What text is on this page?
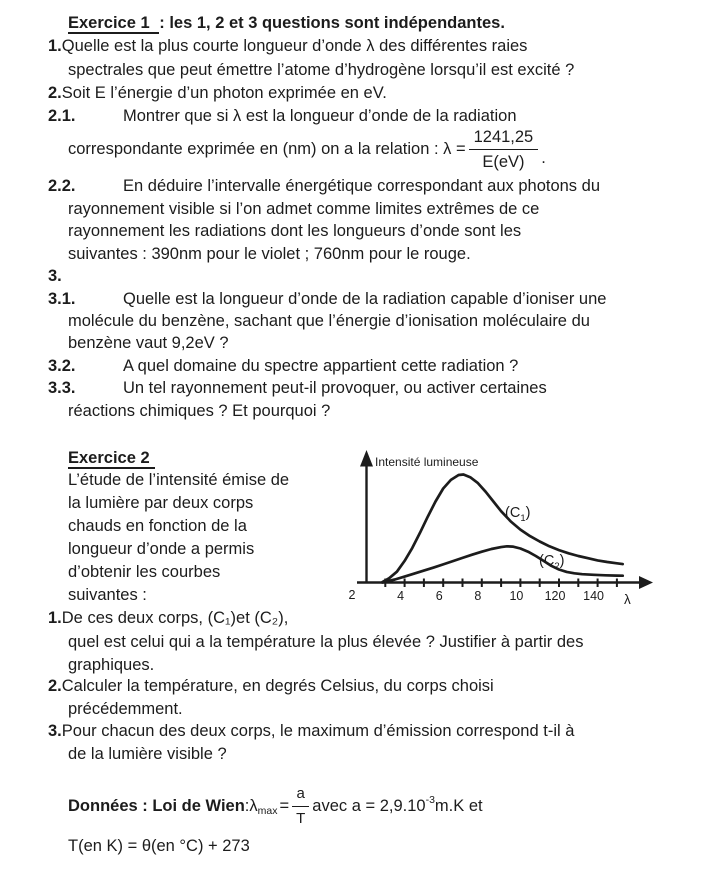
Exercice 1 : les 1, 2 et 3 questions sont indépendantes.
1.Quelle est la plus courte longueur d’onde λ des différentes raies
spectrales que peut émettre l’atome d’hydrogène lorsqu’il est excité ?
2.Soit E l’énergie d’un photon exprimée en eV.
2.1.	Montrer que si λ est la longueur d’onde de la radiation
correspondante exprimée en (nm) on a la relation : $\lambda = \frac{1241,25}{E(eV)}$ .
2.2.	En déduire l’intervalle énergétique correspondant aux photons du
rayonnement visible si l’on admet comme limites extrêmes de ce
rayonnement les radiations dont les longueurs d’onde sont les
suivantes : 390nm pour le violet ; 760nm pour le rouge.
3.
3.1.	Quelle est la longueur d’onde de la radiation capable d’ioniser une
molécule du benzène, sachant que l’énergie d’ionisation moléculaire du
benzène vaut 9,2eV ?
3.2.	A quel domaine du spectre appartient cette radiation ?
3.3.	Un tel rayonnement peut-il provoquer, ou activer certaines
réactions chimiques ? Et pourquoi ?
Exercice 2
L’étude de l’intensité émise de
la lumière par deux corps
chauds en fonction de la
longueur d’onde a permis
d’obtenir les courbes
suivantes :
1.De ces deux corps, (C₁)et (C₂),
quel est celui qui a la température la plus élevée ? Justifier à partir des
graphiques.
2.Calculer la température, en degrés Celsius, du corps choisi
précédemment.
3.Pour chacun des deux corps, le maximum d’émission correspond t-il à
de la lumière visible ?
Données : Loi de Wien : λ $\max = \frac{a}{T}$ avec a = 2,9.10 -3 m.K et
T(en K) = θ(en °C) + 273
4	6	8 10 120 140
Intensité lumineuse
2	λ
$(C_1)$
$(C_2)$
